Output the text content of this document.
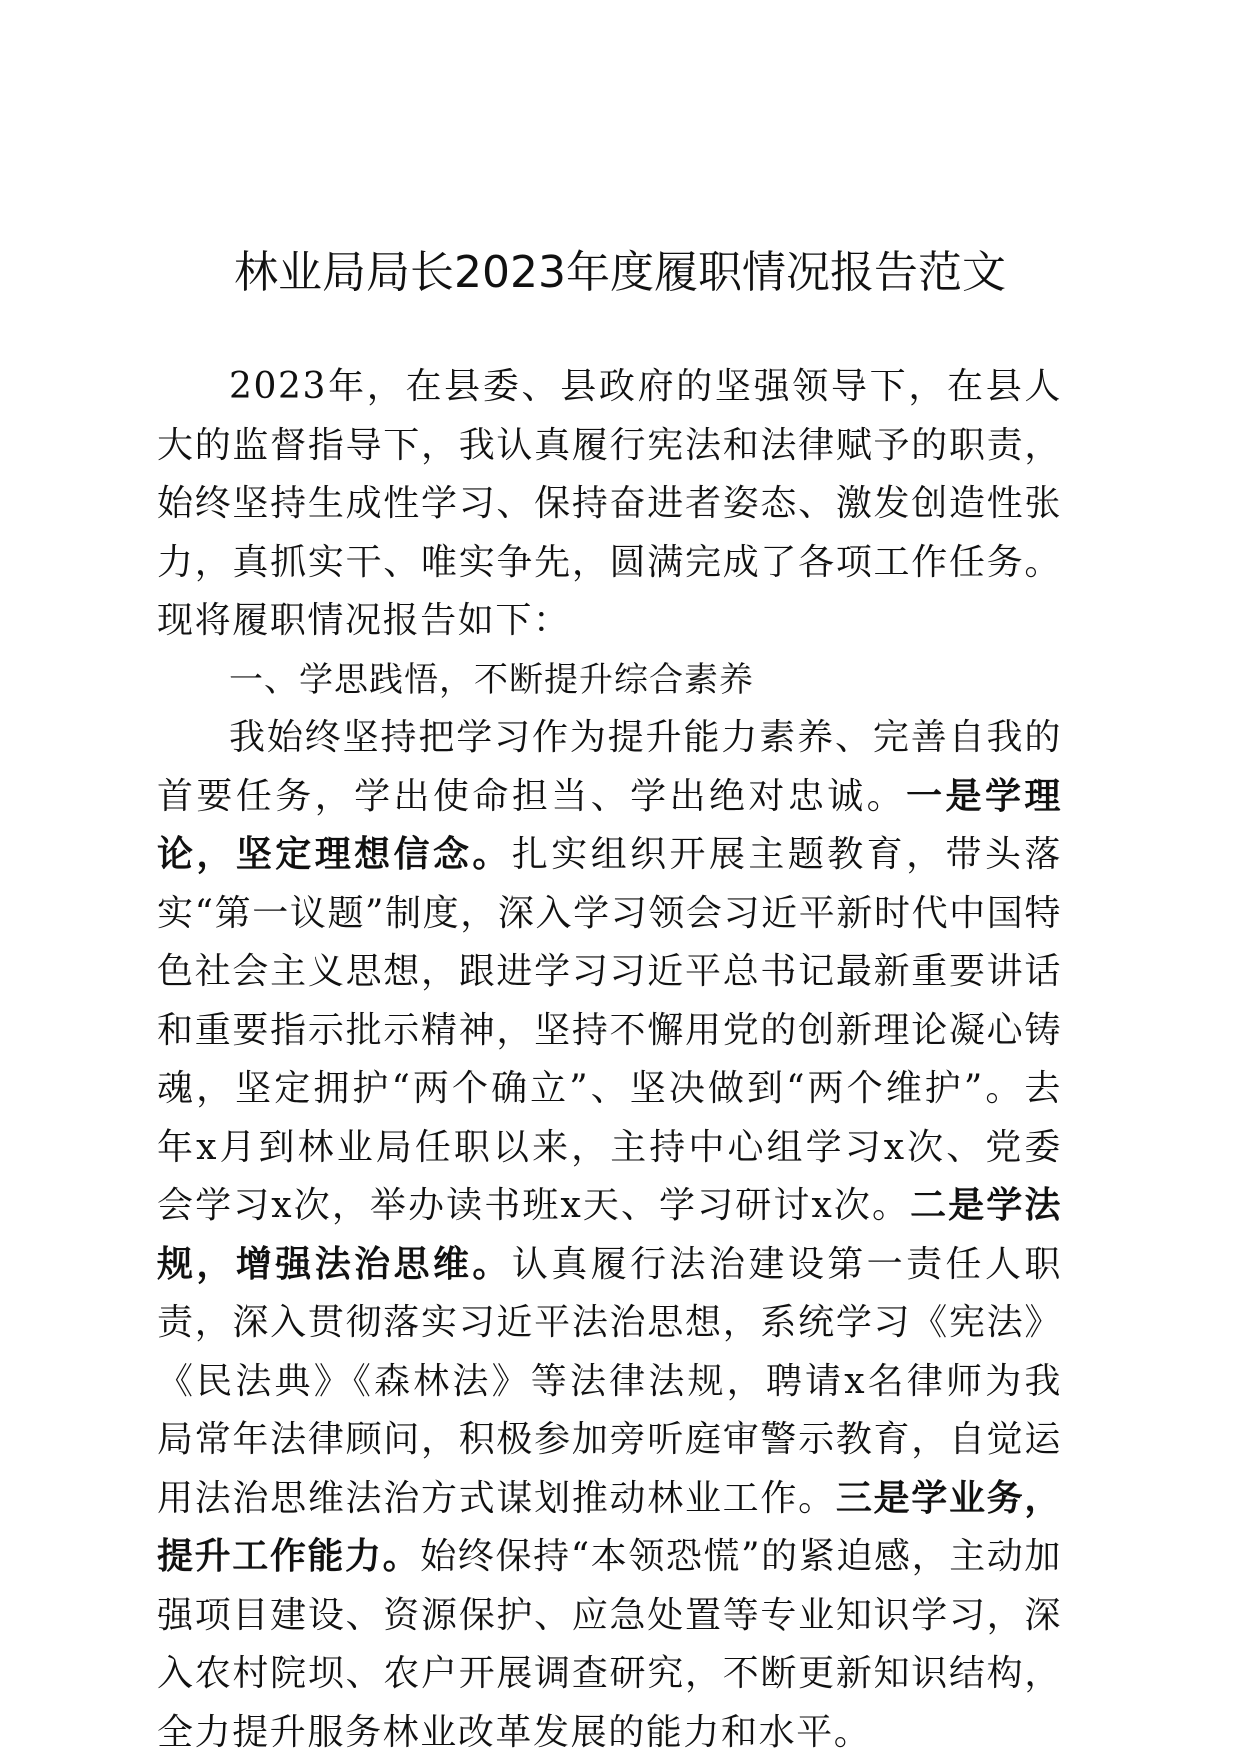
林业局局长2023年度履职情况报告范文

2023年，在县委、县政府的坚强领导下，在县人大的监督指导下，我认真履行宪法和法律赋予的职责，始终坚持生成性学习、保持奋进者姿态、激发创造性张力，真抓实干、唯实争先，圆满完成了各项工作任务。现将履职情况报告如下：

一、学思践悟，不断提升综合素养

我始终坚持把学习作为提升能力素养、完善自我的首要任务，学出使命担当、学出绝对忠诚。一是学理论，坚定理想信念。扎实组织开展主题教育，带头落实“第一议题”制度，深入学习领会习近平新时代中国特色社会主义思想，跟进学习习近平总书记最新重要讲话和重要指示批示精神，坚持不懈用党的创新理论凝心铸魂，坚定拥护“两个确立”、坚决做到“两个维护”。去年x月到林业局任职以来，主持中心组学习x次、党委会学习x次，举办读书班x天、学习研讨x次。二是学法规，增强法治思维。认真履行法治建设第一责任人职责，深入贯彻落实习近平法治思想，系统学习《宪法》《民法典》《森林法》等法律法规，聘请x名律师为我局常年法律顾问，积极参加旁听庭审警示教育，自觉运用法治思维法治方式谋划推动林业工作。三是学业务，提升工作能力。始终保持“本领恐慌”的紧迫感，主动加强项目建设、资源保护、应急处置等专业知识学习，深入农村院坝、农户开展调查研究，不断更新知识结构，全力提升服务林业改革发展的能力和水平。
